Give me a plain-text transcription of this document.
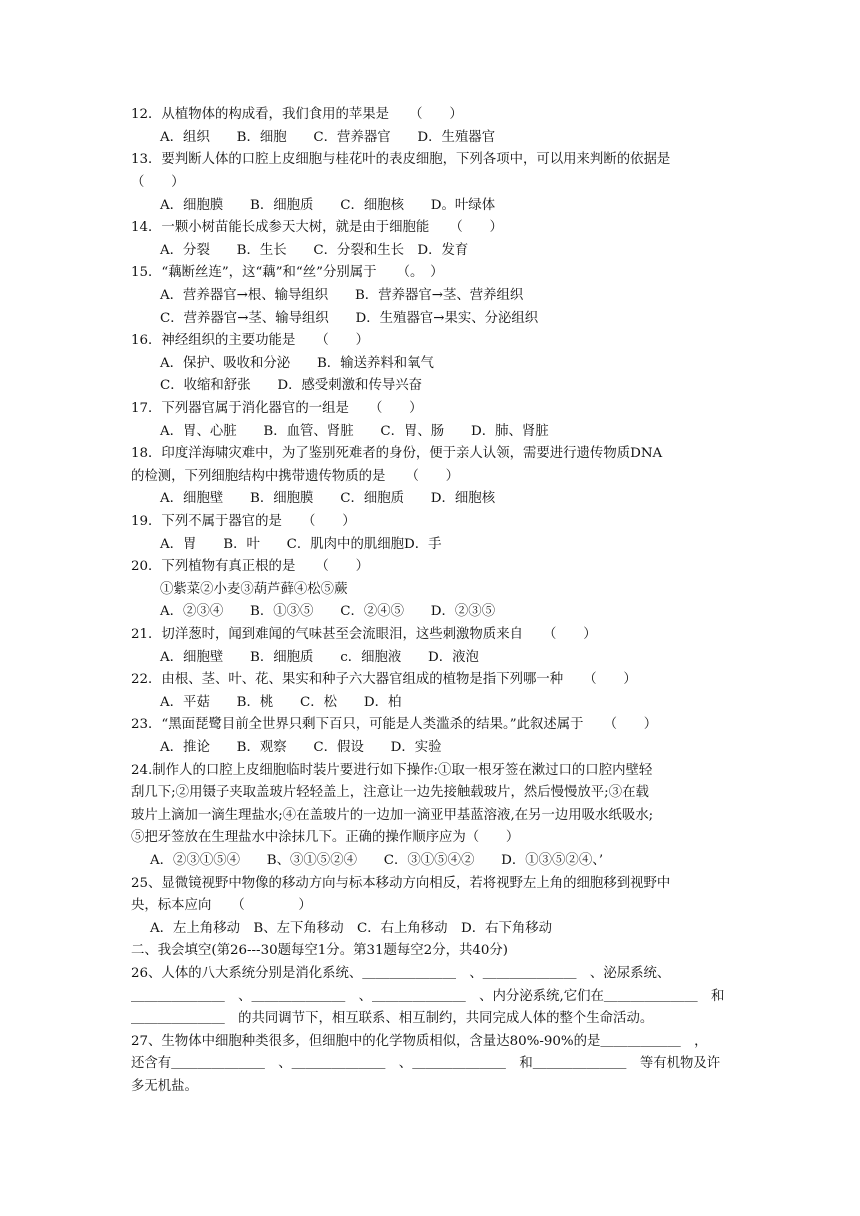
12．从植物体的构成看，我们食用的苹果是　　（　　）
A．组织　　B．细胞　　C．营养器官　　D．生殖器官
13．要判断人体的口腔上皮细胞与桂花叶的表皮细胞，下列各项中，可以用来判断的依据是
（　　）
A．细胞膜　　B．细胞质　　C．细胞核　　D。叶绿体
14．一颗小树苗能长成参天大树，就是由于细胞能　　（　　）
A．分裂　　B．生长　　C．分裂和生长　D．发育
15．“藕断丝连”，这“藕”和“丝”分别属于　　（。　）
A．营养器官→根、输导组织　　B．营养器官→茎、营养组织
C．营养器官→茎、输导组织　　D．生殖器官→果实、分泌组织
16．神经组织的主要功能是　　（　　）
A．保护、吸收和分泌　　B．输送养料和氧气
C．收缩和舒张　　D．感受刺激和传导兴奋
17．下列器官属于消化器官的一组是　　（　　）
A．胃、心脏　　B．血管、肾脏　　C．胃、肠　　D．肺、肾脏
18．印度洋海啸灾难中，为了鉴别死难者的身份，便于亲人认领，需要进行遗传物质DNA
的检测，下列细胞结构中携带遗传物质的是　　（　　）
A．细胞壁　　B．细胞膜　　C．细胞质　　D．细胞核
19．下列不属于器官的是　　（　　）
A．胃　　B．叶　　C．肌肉中的肌细胞D．手
20．下列植物有真正根的是　　（　　）
①紫菜②小麦③葫芦藓④松⑤蕨
A．②③④　　B．①③⑤　　C．②④⑤　　D．②③⑤
21．切洋葱时，闻到难闻的气味甚至会流眼泪，这些刺激物质来自　　（　　）
A．细胞壁　　B．细胞质　　c．细胞液　　D．液泡
22．由根、茎、叶、花、果实和种子六大器官组成的植物是指下列哪一种　　（　　）
A．平菇　　B．桃　　C．松　　D．柏
23．“黑面琵鹭目前全世界只剩下百只，可能是人类滥杀的结果。”此叙述属于　　（　　）
A．推论　　B．观察　　C．假设　　D．实验
24.制作人的口腔上皮细胞临时装片要进行如下操作:①取一根牙签在漱过口的口腔内壁轻
刮几下;②用镊子夹取盖玻片轻轻盖上，注意让一边先接触载玻片，然后慢慢放平;③在载
玻片上滴加一滴生理盐水;④在盖玻片的一边加一滴亚甲基蓝溶液,在另一边用吸水纸吸水;
⑤把牙签放在生理盐水中涂抹几下。正确的操作顺序应为（　　）
A．②③①⑤④　　B、③①⑤②④　　C．③①⑤④②　　D．①③⑤②④、’
25、显微镜视野中物像的移动方向与标本移动方向相反，若将视野左上角的细胞移到视野中
央，标本应向　　（　　　　）
A．左上角移动　B、左下角移动　C．右上角移动　D．右下角移动
二、我会填空(第26---30题每空1分。第31题每空2分，共40分)
26、人体的八大系统分别是消化系统、＿＿＿＿＿＿＿　、＿＿＿＿＿＿＿　、泌尿系统、
＿＿＿＿＿＿＿　、＿＿＿＿＿＿＿　、＿＿＿＿＿＿＿　、内分泌系统,它们在＿＿＿＿＿＿＿　和
＿＿＿＿＿＿＿　的共同调节下，相互联系、相互制约，共同完成人体的整个生命活动。
27、生物体中细胞种类很多，但细胞中的化学物质相似，含量达80%-90%的是＿＿＿＿＿＿　，
还含有＿＿＿＿＿＿＿　、＿＿＿＿＿＿＿　、＿＿＿＿＿＿＿　和＿＿＿＿＿＿＿　等有机物及许
多无机盐。
